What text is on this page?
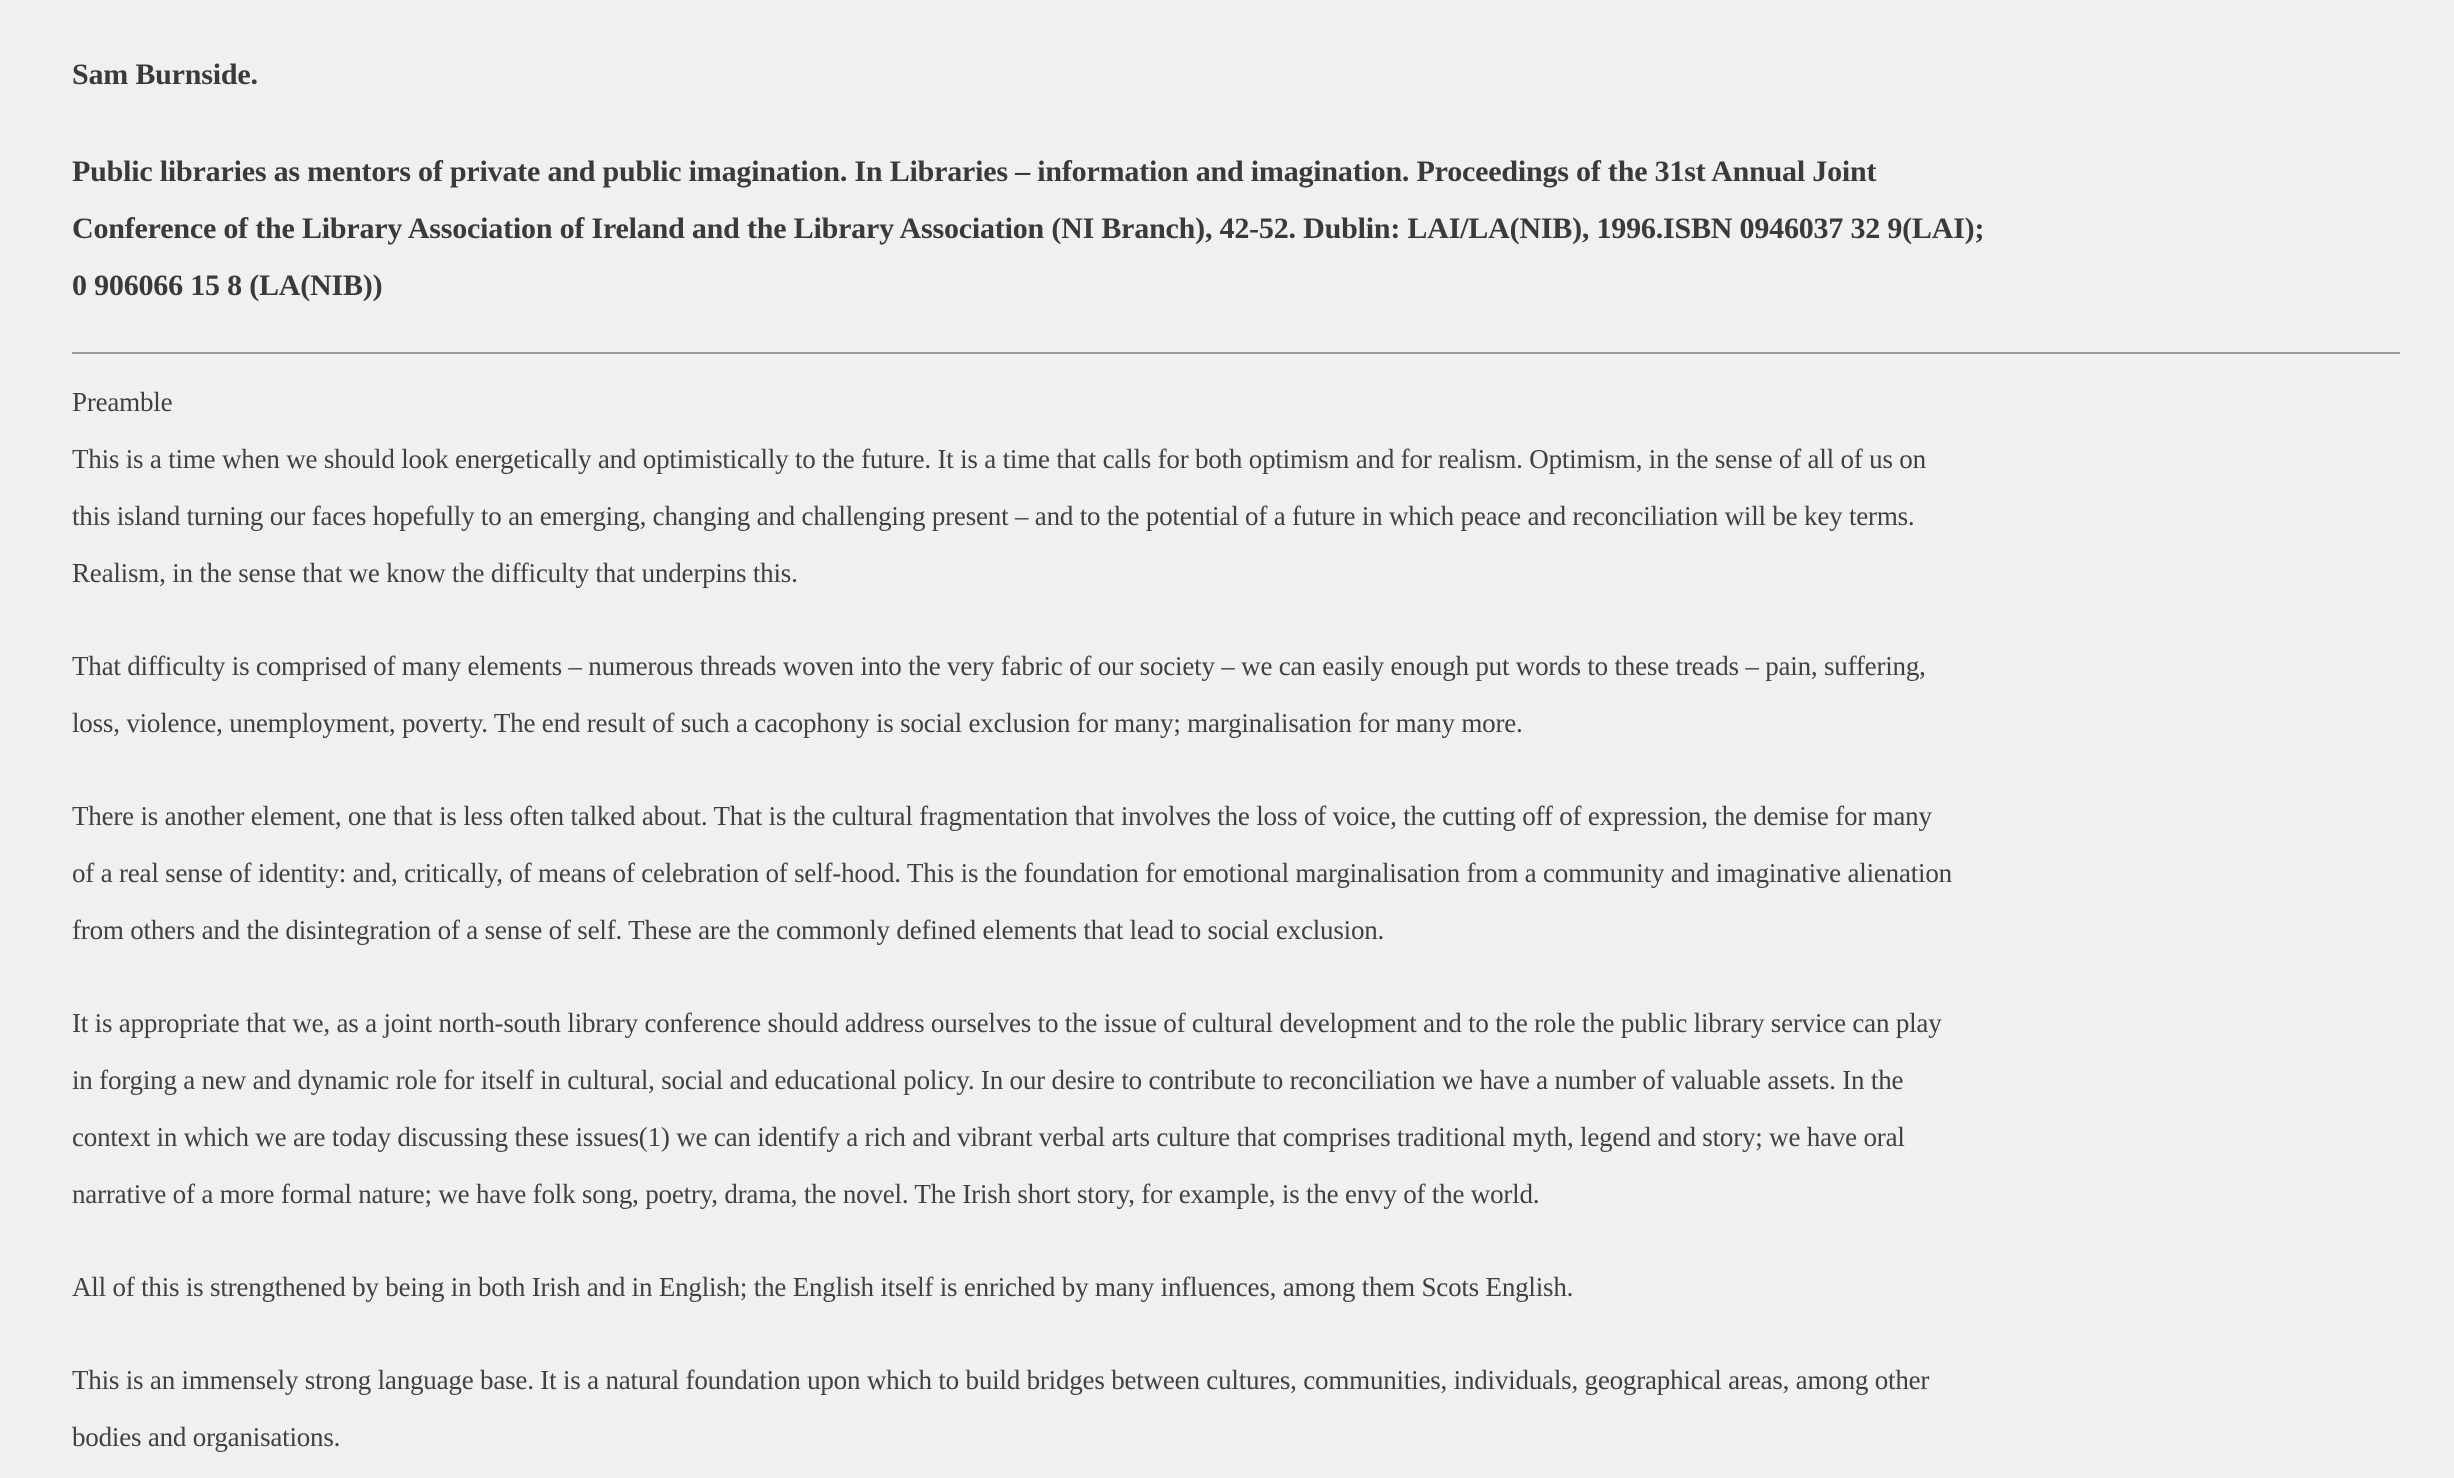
Sam Burnside.

Public libraries as mentors of private and public imagination. In Libraries – information and imagination. Proceedings of the 31st Annual Joint
Conference of the Library Association of Ireland and the Library Association (NI Branch), 42-52. Dublin: LAI/LA(NIB), 1996.ISBN 0946037 32 9(LAI);
0 906066 15 8 (LA(NIB))

Preamble

This is a time when we should look energetically and optimistically to the future. It is a time that calls for both optimism and for realism. Optimism, in the sense of all of us on
this island turning our faces hopefully to an emerging, changing and challenging present – and to the potential of a future in which peace and reconciliation will be key terms.
Realism, in the sense that we know the difficulty that underpins this.

That difficulty is comprised of many elements – numerous threads woven into the very fabric of our society – we can easily enough put words to these treads – pain, suffering,
loss, violence, unemployment, poverty. The end result of such a cacophony is social exclusion for many; marginalisation for many more.

There is another element, one that is less often talked about. That is the cultural fragmentation that involves the loss of voice, the cutting off of expression, the demise for many
of a real sense of identity: and, critically, of means of celebration of self-hood. This is the foundation for emotional marginalisation from a community and imaginative alienation
from others and the disintegration of a sense of self. These are the commonly defined elements that lead to social exclusion.

It is appropriate that we, as a joint north-south library conference should address ourselves to the issue of cultural development and to the role the public library service can play
in forging a new and dynamic role for itself in cultural, social and educational policy. In our desire to contribute to reconciliation we have a number of valuable assets. In the
context in which we are today discussing these issues(1) we can identify a rich and vibrant verbal arts culture that comprises traditional myth, legend and story; we have oral
narrative of a more formal nature; we have folk song, poetry, drama, the novel. The Irish short story, for example, is the envy of the world.

All of this is strengthened by being in both Irish and in English; the English itself is enriched by many influences, among them Scots English.

This is an immensely strong language base. It is a natural foundation upon which to build bridges between cultures, communities, individuals, geographical areas, among other
bodies and organisations.
